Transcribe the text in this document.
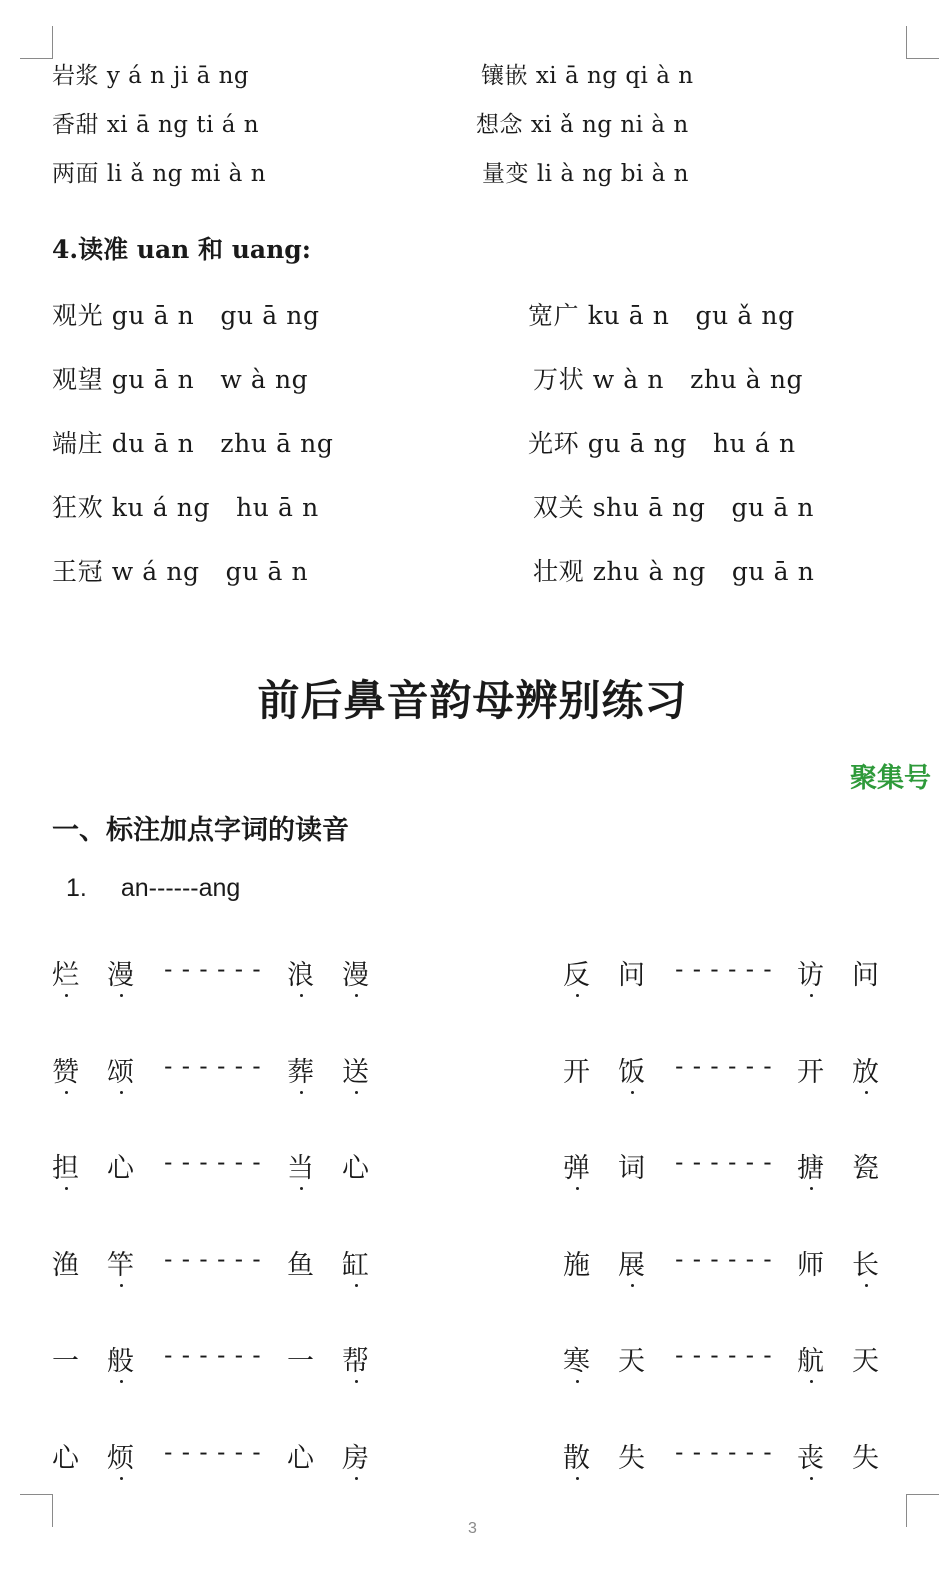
岩浆 y á n ji ā ng	镶嵌 xi ā ng qi à n
香甜 xi ā ng ti á n	想念 xi ǎ ng ni à n
两面 li ǎ ng mi à n	量变 li à ng bi à n
4.读准 uan 和 uang:
观光 gu ā n gu ā ng	宽广 ku ā n gu ǎ ng
观望 gu ā n w à ng	万状 w à n zhu à ng
端庄 du ā n zhu ā ng	光环 gu ā ng hu á n
狂欢 ku á ng hu ā n	双关 shu ā ng gu ā n
王冠 w á ng gu ā n	壮观 zhu à ng gu ā n
前后鼻音韵母辨别练习
聚集号
一、标注加点字词的读音
1. an------ang
烂 漫 ------ 浪 漫	反 问 ------ 访 问
赞 颂 ------ 葬 送	开 饭 ------ 开 放
担 心 ------ 当 心	弹 词 ------ 搪 瓷
渔 竿 ------ 鱼 缸	施 展 ------ 师 长
一 般 ------ 一 帮	寒 天 ------ 航 天
心 烦 ------ 心 房	散 失 ------ 丧 失
3
